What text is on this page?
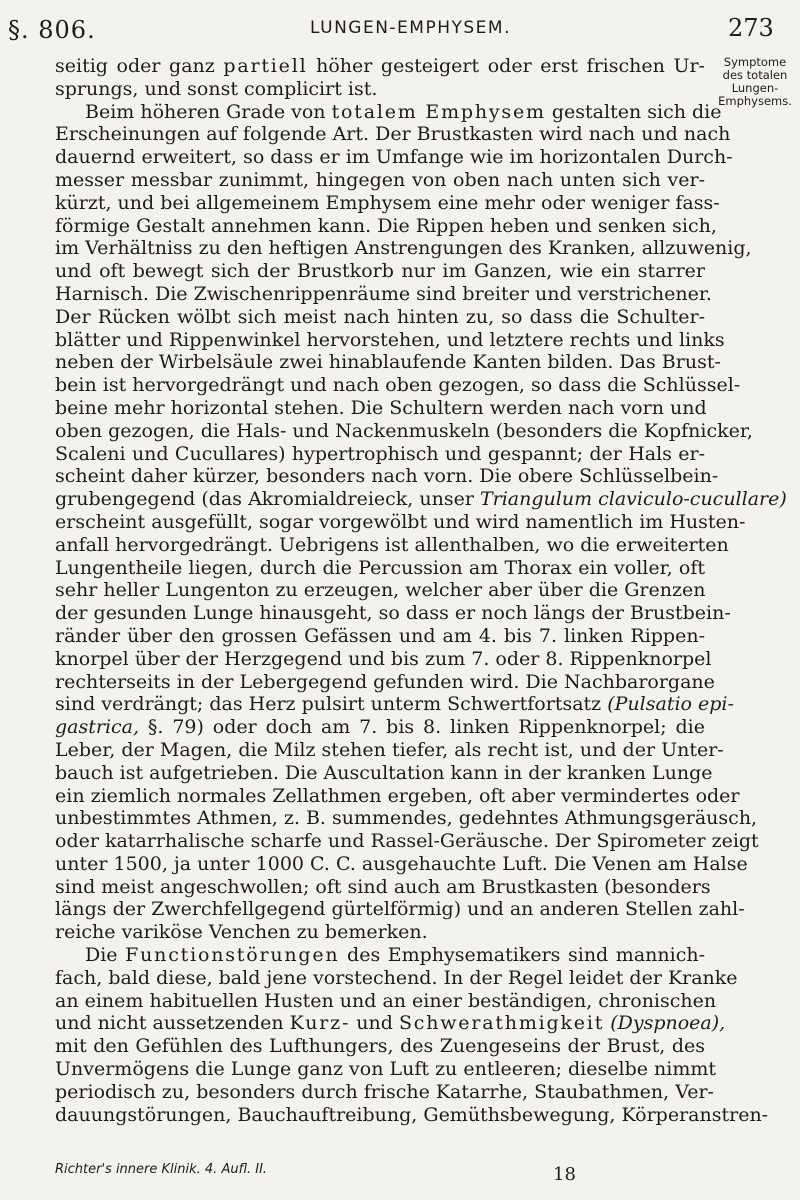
§. 806.	LUNGEN-EMPHYSEM.	273
Symptome
des totalen
Lungen-
Emphysems.
seitig oder ganz partiell höher gesteigert oder erst frischen Ur-
sprungs, und sonst complicirt ist.
Beim höheren Grade von totalem Emphysem gestalten sich die
Erscheinungen auf folgende Art. Der Brustkasten wird nach und nach
dauernd erweitert, so dass er im Umfange wie im horizontalen Durch-
messer messbar zunimmt, hingegen von oben nach unten sich ver-
kürzt, und bei allgemeinem Emphysem eine mehr oder weniger fass-
förmige Gestalt annehmen kann. Die Rippen heben und senken sich,
im Verhältniss zu den heftigen Anstrengungen des Kranken, allzuwenig,
und oft bewegt sich der Brustkorb nur im Ganzen, wie ein starrer
Harnisch. Die Zwischenrippenräume sind breiter und verstrichener.
Der Rücken wölbt sich meist nach hinten zu, so dass die Schulter-
blätter und Rippenwinkel hervorstehen, und letztere rechts und links
neben der Wirbelsäule zwei hinablaufende Kanten bilden. Das Brust-
bein ist hervorgedrängt und nach oben gezogen, so dass die Schlüssel-
beine mehr horizontal stehen. Die Schultern werden nach vorn und
oben gezogen, die Hals- und Nackenmuskeln (besonders die Kopfnicker,
Scaleni und Cucullares) hypertrophisch und gespannt; der Hals er-
scheint daher kürzer, besonders nach vorn. Die obere Schlüsselbein-
grubengegend (das Akromialdreieck, unser Triangulum claviculo-cucullare)
erscheint ausgefüllt, sogar vorgewölbt und wird namentlich im Husten-
anfall hervorgedrängt. Uebrigens ist allenthalben, wo die erweiterten
Lungentheile liegen, durch die Percussion am Thorax ein voller, oft
sehr heller Lungenton zu erzeugen, welcher aber über die Grenzen
der gesunden Lunge hinausgeht, so dass er noch längs der Brustbein-
ränder über den grossen Gefässen und am 4. bis 7. linken Rippen-
knorpel über der Herzgegend und bis zum 7. oder 8. Rippenknorpel
rechterseits in der Lebergegend gefunden wird. Die Nachbarorgane
sind verdrängt; das Herz pulsirt unterm Schwertfortsatz (Pulsatio epi-
gastrica, §. 79) oder doch am 7. bis 8. linken Rippenknorpel; die
Leber, der Magen, die Milz stehen tiefer, als recht ist, und der Unter-
bauch ist aufgetrieben. Die Auscultation kann in der kranken Lunge
ein ziemlich normales Zellathmen ergeben, oft aber vermindertes oder
unbestimmtes Athmen, z. B. summendes, gedehntes Athmungsgeräusch,
oder katarrhalische scharfe und Rassel-Geräusche. Der Spirometer zeigt
unter 1500, ja unter 1000 C. C. ausgehauchte Luft. Die Venen am Halse
sind meist angeschwollen; oft sind auch am Brustkasten (besonders
längs der Zwerchfellgegend gürtelförmig) und an anderen Stellen zahl-
reiche variköse Venchen zu bemerken.
Die Functionstörungen des Emphysematikers sind mannich-
fach, bald diese, bald jene vorstechend. In der Regel leidet der Kranke
an einem habituellen Husten und an einer beständigen, chronischen
und nicht aussetzenden Kurz- und Schwerathmigkeit (Dyspnoea),
mit den Gefühlen des Lufthungers, des Zuengeseins der Brust, des
Unvermögens die Lunge ganz von Luft zu entleeren; dieselbe nimmt
periodisch zu, besonders durch frische Katarrhe, Staubathmen, Ver-
dauungstörungen, Bauchauftreibung, Gemüthsbewegung, Körperanstren-
Richter's innere Klinik. 4. Aufl. II.	18
